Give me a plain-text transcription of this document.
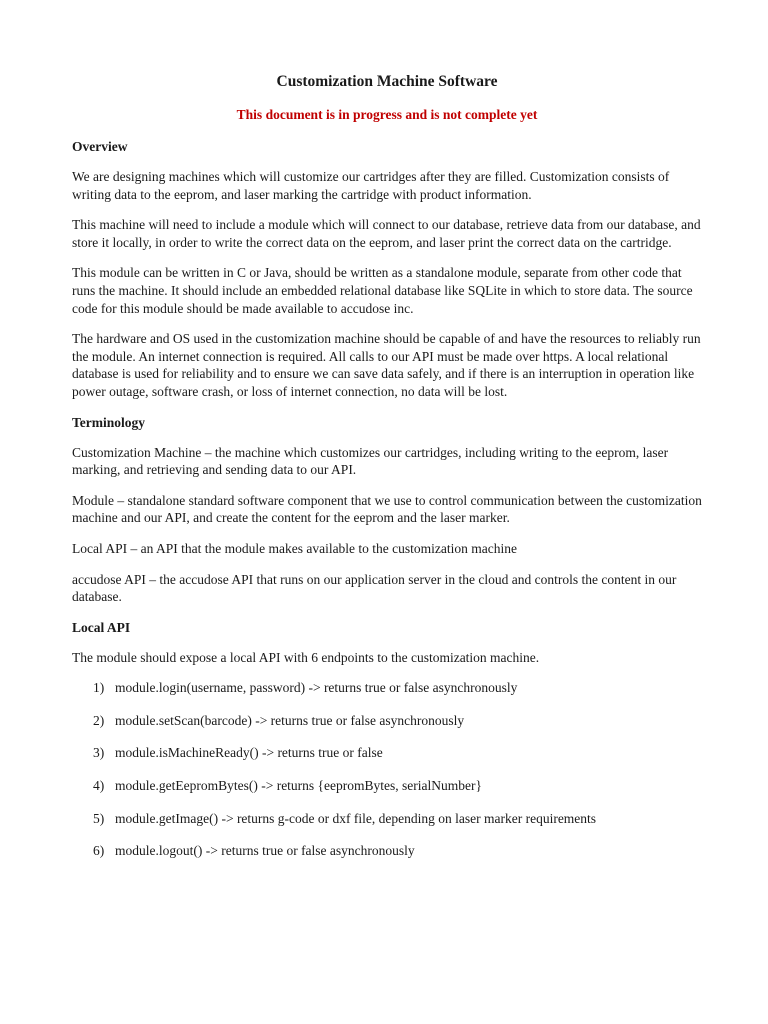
Customization Machine Software
This document is in progress and is not complete yet
Overview

We are designing machines which will customize our cartridges after they are filled. Customization consists of writing data to the eeprom, and laser marking the cartridge with product information.

This machine will need to include a module which will connect to our database, retrieve data from our database, and store it locally, in order to write the correct data on the eeprom, and laser print the correct data on the cartridge.

This module can be written in C or Java, should be written as a standalone module, separate from other code that runs the machine. It should include an embedded relational database like SQLite in which to store data. The source code for this module should be made available to accudose inc.

The hardware and OS used in the customization machine should be capable of and have the resources to reliably run the module. An internet connection is required. All calls to our API must be made over https. A local relational database is used for reliability and to ensure we can save data safely, and if there is an interruption in operation like power outage, software crash, or loss of internet connection, no data will be lost.

Terminology

Customization Machine – the machine which customizes our cartridges, including writing to the eeprom, laser marking, and retrieving and sending data to our API.

Module – standalone standard software component that we use to control communication between the customization machine and our API, and create the content for the eeprom and the laser marker.

Local API – an API that the module makes available to the customization machine

accudose API – the accudose API that runs on our application server in the cloud and controls the content in our database.

Local API

The module should expose a local API with 6 endpoints to the customization machine.

1) module.login(username, password) -> returns true or false asynchronously
2) module.setScan(barcode) -> returns true or false asynchronously
3) module.isMachineReady() -> returns true or false
4) module.getEepromBytes() -> returns {eepromBytes, serialNumber}
5) module.getImage() -> returns g-code or dxf file, depending on laser marker requirements
6) module.logout() -> returns true or false asynchronously
